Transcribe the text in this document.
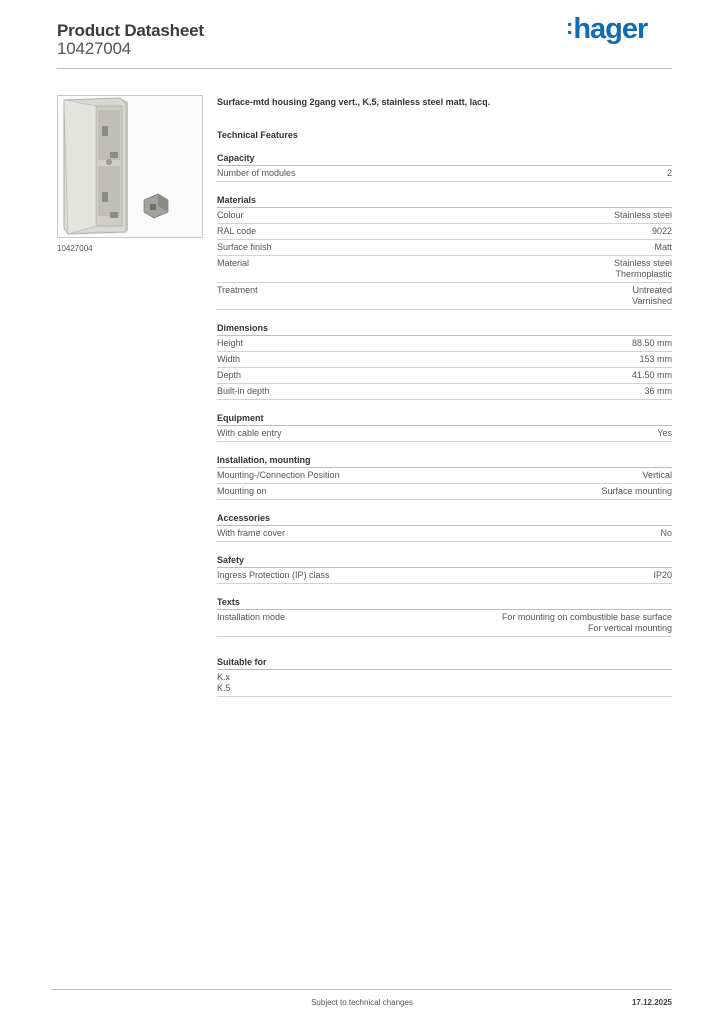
Product Datasheet
10427004
:hager
10427004
Surface-mtd housing 2gang vert., K.5, stainless steel matt, lacq.
Technical Features
Capacity
Number of modules	2
Materials
Colour	Stainless steel
RAL code	9022
Surface finish	Matt
Material	Stainless steel
Thermoplastic
Treatment	Untreated
Varnished
Dimensions
Height	88.50 mm
Width	153 mm
Depth	41.50 mm
Built-in depth	36 mm
Equipment
With cable entry	Yes
Installation, mounting
Mounting-/Connection Position	Vertical
Mounting on	Surface mounting
Accessories
With frame cover	No
Safety
Ingress Protection (IP) class	IP20
Texts
Installation mode	For mounting on combustible base surface
For vertical mounting
Suitable for
K.x
K.5
Subject to technical changes	17.12.2025
